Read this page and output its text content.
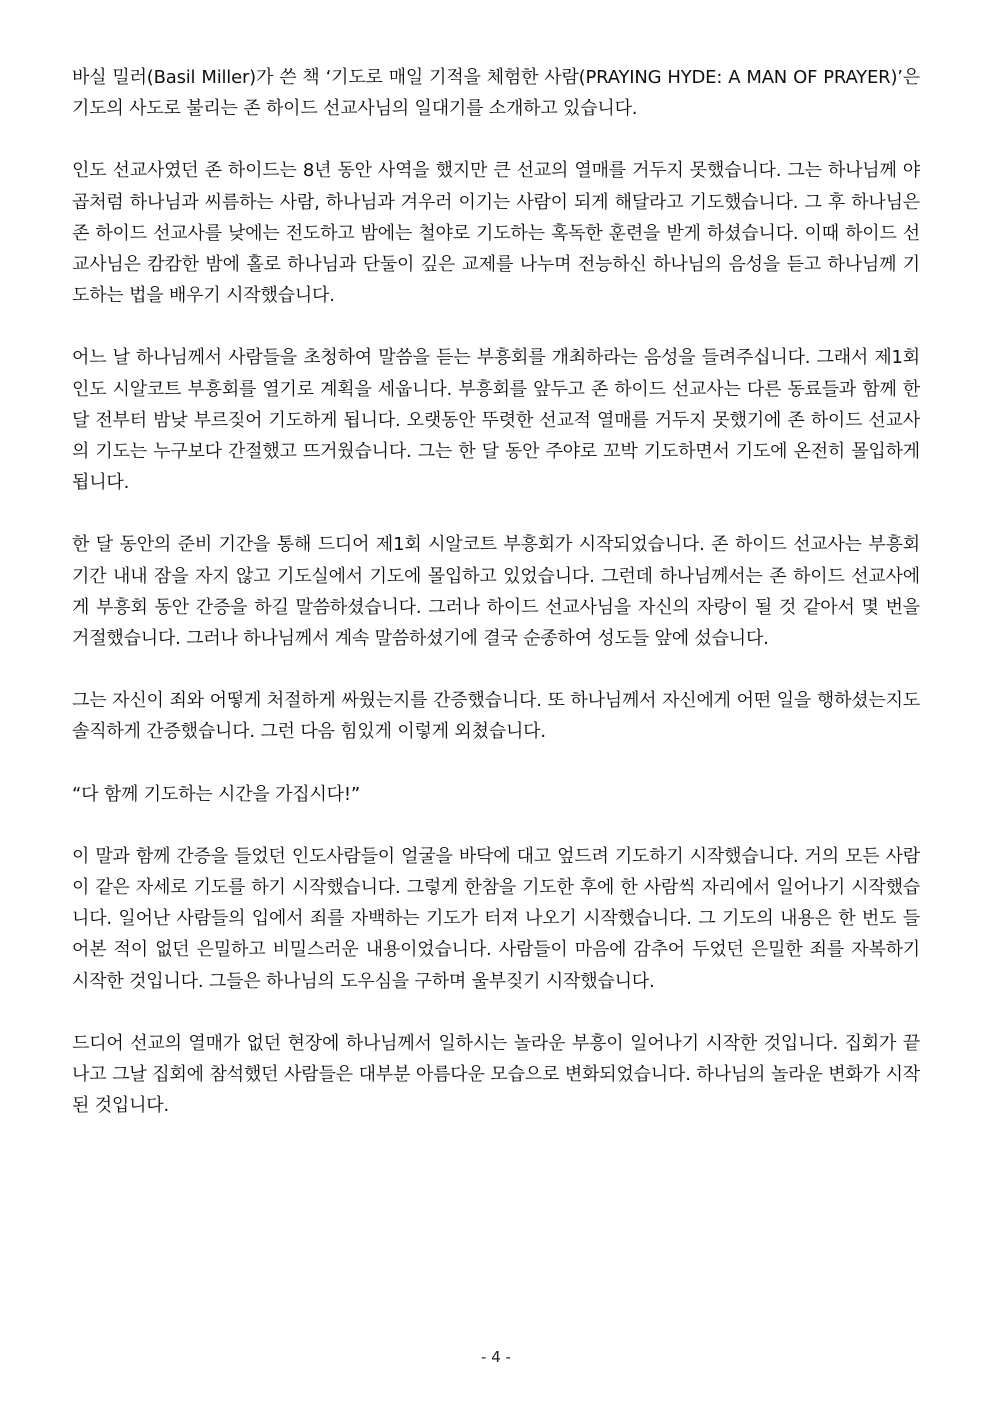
바실 밀러(Basil Miller)가 쓴 책 ‘기도로 매일 기적을 체험한 사람(PRAYING HYDE: A MAN OF PRAYER)’은 기도의 사도로 불리는 존 하이드 선교사님의 일대기를 소개하고 있습니다.

인도 선교사였던 존 하이드는 8년 동안 사역을 했지만 큰 선교의 열매를 거두지 못했습니다. 그는 하나님께 야곱처럼 하나님과 씨름하는 사람, 하나님과 겨우러 이기는 사람이 되게 해달라고 기도했습니다. 그 후 하나님은 존 하이드 선교사를 낮에는 전도하고 밤에는 철야로 기도하는 혹독한 훈련을 받게 하셨습니다. 이때 하이드 선교사님은 캄캄한 밤에 홀로 하나님과 단둘이 깊은 교제를 나누며 전능하신 하나님의 음성을 듣고 하나님께 기도하는 법을 배우기 시작했습니다.

어느 날 하나님께서 사람들을 초청하여 말씀을 듣는 부흥회를 개최하라는 음성을 들려주십니다. 그래서 제1회 인도 시알코트 부흥회를 열기로 계획을 세웁니다. 부흥회를 앞두고 존 하이드 선교사는 다른 동료들과 함께 한 달 전부터 밤낮 부르짖어 기도하게 됩니다. 오랫동안 뚜렷한 선교적 열매를 거두지 못했기에 존 하이드 선교사의 기도는 누구보다 간절했고 뜨거웠습니다. 그는 한 달 동안 주야로 꼬박 기도하면서 기도에 온전히 몰입하게 됩니다.

한 달 동안의 준비 기간을 통해 드디어 제1회 시알코트 부흥회가 시작되었습니다. 존 하이드 선교사는 부흥회 기간 내내 잠을 자지 않고 기도실에서 기도에 몰입하고 있었습니다. 그런데 하나님께서는 존 하이드 선교사에게 부흥회 동안 간증을 하길 말씀하셨습니다. 그러나 하이드 선교사님을 자신의 자랑이 될 것 같아서 몇 번을 거절했습니다. 그러나 하나님께서 계속 말씀하셨기에 결국 순종하여 성도들 앞에 섰습니다.

그는 자신이 죄와 어떻게 처절하게 싸웠는지를 간증했습니다. 또 하나님께서 자신에게 어떤 일을 행하셨는지도 솔직하게 간증했습니다. 그런 다음 힘있게 이렇게 외쳤습니다.

“다 함께 기도하는 시간을 가집시다!”

이 말과 함께 간증을 들었던 인도사람들이 얼굴을 바닥에 대고 엎드려 기도하기 시작했습니다. 거의 모든 사람이 같은 자세로 기도를 하기 시작했습니다. 그렇게 한참을 기도한 후에 한 사람씩 자리에서 일어나기 시작했습니다. 일어난 사람들의 입에서 죄를 자백하는 기도가 터져 나오기 시작했습니다. 그 기도의 내용은 한 번도 들어본 적이 없던 은밀하고 비밀스러운 내용이었습니다. 사람들이 마음에 감추어 두었던 은밀한 죄를 자복하기 시작한 것입니다. 그들은 하나님의 도우심을 구하며 울부짖기 시작했습니다.

드디어 선교의 열매가 없던 현장에 하나님께서 일하시는 놀라운 부흥이 일어나기 시작한 것입니다. 집회가 끝나고 그날 집회에 참석했던 사람들은 대부분 아름다운 모습으로 변화되었습니다. 하나님의 놀라운 변화가 시작된 것입니다.

- 4 -
